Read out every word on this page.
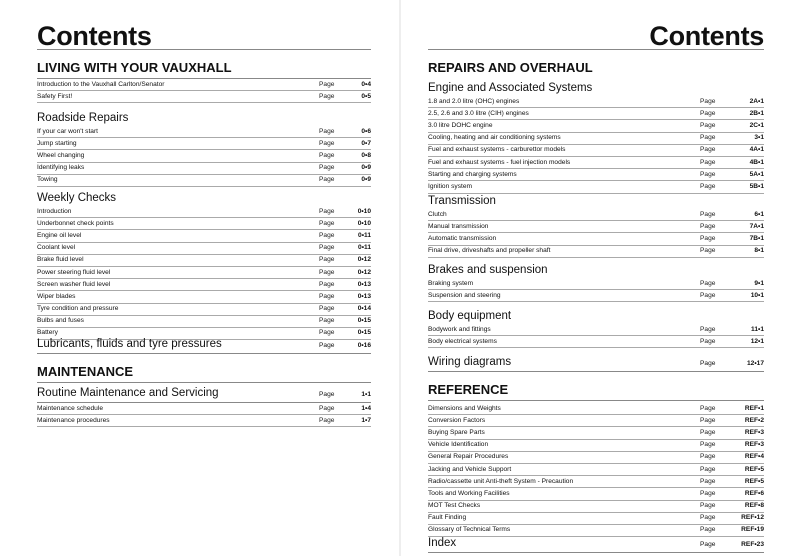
Contents
LIVING WITH YOUR VAUXHALL
Introduction to the Vauxhall Carlton/Senator	Page	0•4
Safety First!	Page	0•5
Roadside Repairs
If your car won't start	Page	0•6
Jump starting	Page	0•7
Wheel changing	Page	0•8
Identifying leaks	Page	0•9
Towing	Page	0•9
Weekly Checks
Introduction	Page	0•10
Underbonnet check points	Page	0•10
Engine oil level	Page	0•11
Coolant level	Page	0•11
Brake fluid level	Page	0•12
Power steering fluid level	Page	0•12
Screen washer fluid level	Page	0•13
Wiper blades	Page	0•13
Tyre condition and pressure	Page	0•14
Bulbs and fuses	Page	0•15
Battery	Page	0•15
Lubricants, fluids and tyre pressures	Page	0•16
MAINTENANCE
Routine Maintenance and Servicing	Page	1•1
Maintenance schedule	Page	1•4
Maintenance procedures	Page	1•7
Contents
REPAIRS AND OVERHAUL
Engine and Associated Systems
1.8 and 2.0 litre (OHC) engines	Page	2A•1
2.5, 2.6 and 3.0 litre (CIH) engines	Page	2B•1
3.0 litre DOHC engine	Page	2C•1
Cooling, heating and air conditioning systems	Page	3•1
Fuel and exhaust systems - carburettor models	Page	4A•1
Fuel and exhaust systems - fuel injection models	Page	4B•1
Starting and charging systems	Page	5A•1
Ignition system	Page	5B•1
Transmission
Clutch	Page	6•1
Manual transmission	Page	7A•1
Automatic transmission	Page	7B•1
Final drive, driveshafts and propeller shaft	Page	8•1
Brakes and suspension
Braking system	Page	9•1
Suspension and steering	Page	10•1
Body equipment
Bodywork and fittings	Page	11•1
Body electrical systems	Page	12•1
Wiring diagrams	Page	12•17
REFERENCE
Dimensions and Weights	Page	REF•1
Conversion Factors	Page	REF•2
Buying Spare Parts	Page	REF•3
Vehicle Identification	Page	REF•3
General Repair Procedures	Page	REF•4
Jacking and Vehicle Support	Page	REF•5
Radio/cassette unit Anti-theft System - Precaution	Page	REF•5
Tools and Working Facilities	Page	REF•6
MOT Test Checks	Page	REF•8
Fault Finding	Page	REF•12
Glossary of Technical Terms	Page	REF•19
Index	Page	REF•23
